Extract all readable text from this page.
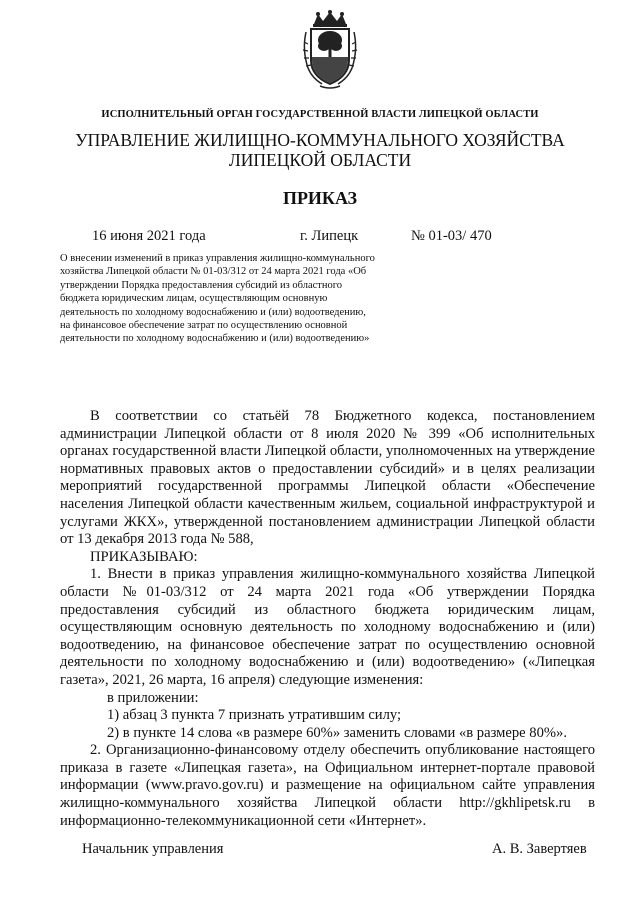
ИСПОЛНИТЕЛЬНЫЙ ОРГАН ГОСУДАРСТВЕННОЙ ВЛАСТИ ЛИПЕЦКОЙ ОБЛАСТИ
УПРАВЛЕНИЕ ЖИЛИЩНО-КОММУНАЛЬНОГО ХОЗЯЙСТВА
ЛИПЕЦКОЙ ОБЛАСТИ
ПРИКАЗ
16 июня 2021 года	г. Липецк	№ 01-03/ 470
О внесении изменений в приказ управления жилищно-коммунального хозяйства Липецкой области № 01-03/312 от 24 марта 2021 года «Об утверждении Порядка предоставления субсидий из областного бюджета юридическим лицам, осуществляющим основную деятельность по холодному водоснабжению и (или) водоотведению, на финансовое обеспечение затрат по осуществлению основной деятельности по холодному водоснабжению и (или) водоотведению»

В соответствии со статьёй 78 Бюджетного кодекса, постановлением администрации Липецкой области от 8 июля 2020 № 399 «Об исполнительных органах государственной власти Липецкой области, уполномоченных на утверждение нормативных правовых актов о предоставлении субсидий» и в целях реализации мероприятий государственной программы Липецкой области «Обеспечение населения Липецкой области качественным жильем, социальной инфраструктурой и услугами ЖКХ», утвержденной постановлением администрации Липецкой области от 13 декабря 2013 года № 588,

ПРИКАЗЫВАЮ:

1. Внести в приказ управления жилищно-коммунального хозяйства Липецкой области №01-03/312 от 24 марта 2021 года «Об утверждении Порядка предоставления субсидий из областного бюджета юридическим лицам, осуществляющим основную деятельность по холодному водоснабжению и (или) водоотведению, на финансовое обеспечение затрат по осуществлению основной деятельности по холодному водоснабжению и (или) водоотведению» («Липецкая газета», 2021, 26 марта, 16 апреля) следующие изменения:

в приложении:

1) абзац 3 пункта 7 признать утратившим силу;

2) в пункте 14 слова «в размере 60%» заменить словами «в размере 80%».

2. Организационно-финансовому отделу обеспечить опубликование настоящего приказа в газете «Липецкая газета», на Официальном интернет-портале правовой информации (www.pravo.gov.ru) и размещение на официальном сайте управления жилищно-коммунального хозяйства Липецкой области http://gkhlipetsk.ru в информационно-телекоммуникационной сети «Интернет».

Начальник управления	А. В. Завертяев
